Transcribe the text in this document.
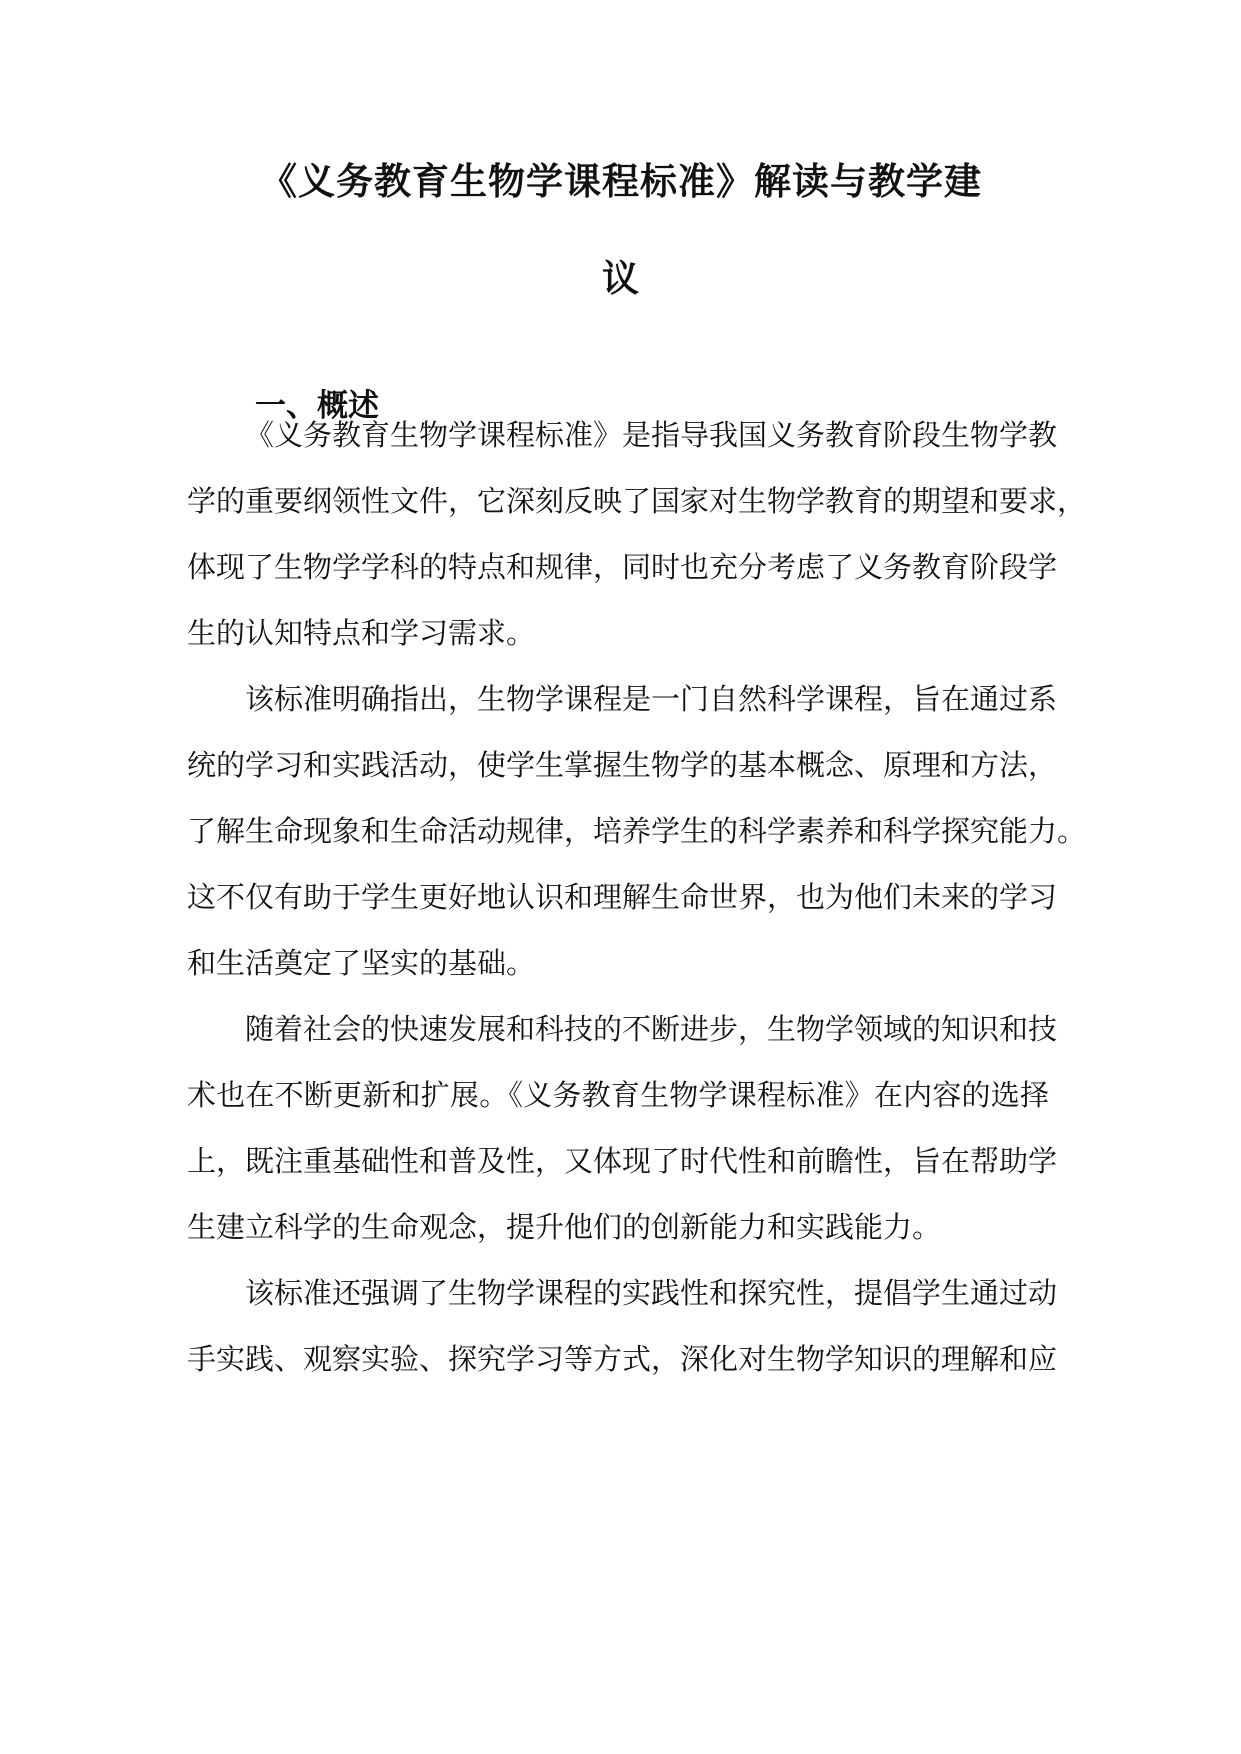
《义务教育生物学课程标准》解读与教学建
议
一、概述
《义务教育生物学课程标准》是指导我国义务教育阶段生物学教
学的重要纲领性文件，它深刻反映了国家对生物学教育的期望和要求，
体现了生物学学科的特点和规律，同时也充分考虑了义务教育阶段学
生的认知特点和学习需求。
该标准明确指出，生物学课程是一门自然科学课程，旨在通过系
统的学习和实践活动，使学生掌握生物学的基本概念、原理和方法，
了解生命现象和生命活动规律，培养学生的科学素养和科学探究能力。
这不仅有助于学生更好地认识和理解生命世界，也为他们未来的学习
和生活奠定了坚实的基础。
随着社会的快速发展和科技的不断进步，生物学领域的知识和技
术也在不断更新和扩展。《义务教育生物学课程标准》在内容的选择
上，既注重基础性和普及性，又体现了时代性和前瞻性，旨在帮助学
生建立科学的生命观念，提升他们的创新能力和实践能力。
该标准还强调了生物学课程的实践性和探究性，提倡学生通过动
手实践、观察实验、探究学习等方式，深化对生物学知识的理解和应
